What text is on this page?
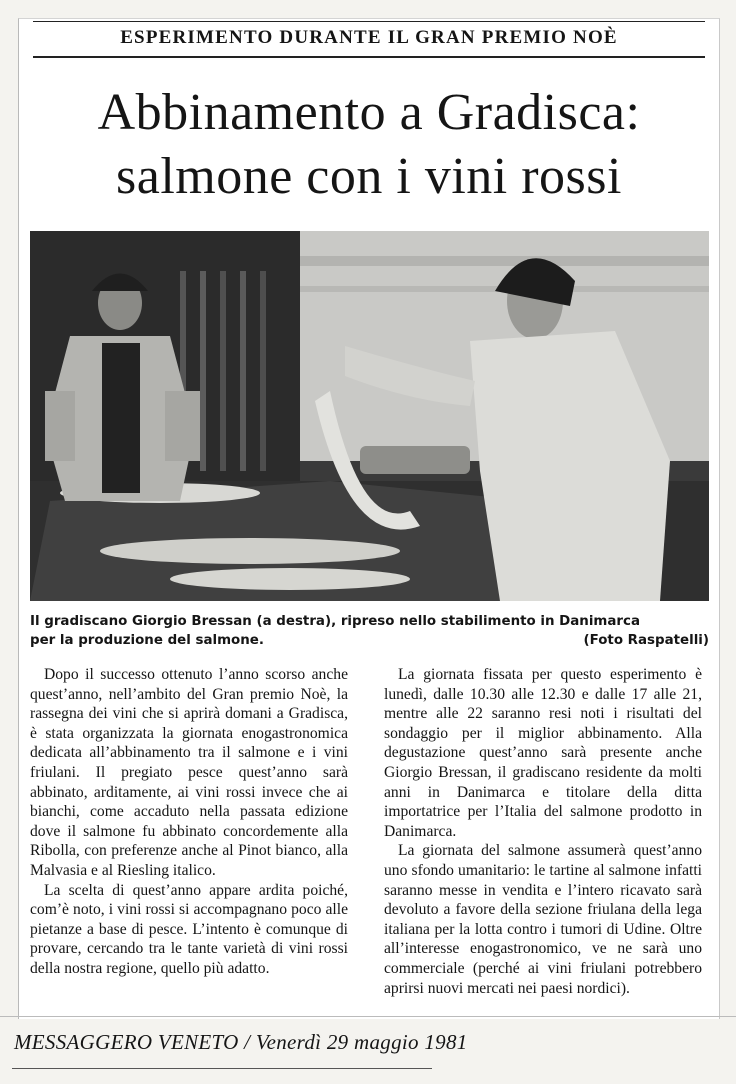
ESPERIMENTO DURANTE IL GRAN PREMIO NOÈ
Abbinamento a Gradisca:
salmone con i vini rossi
Il gradiscano Giorgio Bressan (a destra), ripreso nello stabilimento in Danimarca
per la produzione del salmone.	(Foto Raspatelli)

Dopo il successo ottenuto l’anno scorso anche quest’anno, nell’ambito del Gran premio Noè, la rassegna dei vini che si aprirà domani a Gradisca, è stata organizzata la giornata enogastronomica dedicata all’abbinamento tra il salmone e i vini friulani. Il pregiato pesce quest’anno sarà abbinato, arditamente, ai vini rossi invece che ai bianchi, come accaduto nella passata edizione dove il salmone fu abbinato concordemente alla Ribolla, con preferenze anche al Pinot bianco, alla Malvasia e al Riesling italico.

La scelta di quest’anno appare ardita poiché, com’è noto, i vini rossi si accompagnano poco alle pietanze a base di pesce. L’intento è comunque di provare, cercando tra le tante varietà di vini rossi della nostra regione, quello più adatto.

La giornata fissata per questo esperimento è lunedì, dalle 10.30 alle 12.30 e dalle 17 alle 21, mentre alle 22 saranno resi noti i risultati del sondaggio per il miglior abbinamento. Alla degustazione quest’anno sarà presente anche Giorgio Bressan, il gradiscano residente da molti anni in Danimarca e titolare della ditta importatrice per l’Italia del salmone prodotto in Danimarca.

La giornata del salmone assumerà quest’anno uno sfondo umanitario: le tartine al salmone infatti saranno messe in vendita e l’intero ricavato sarà devoluto a favore della sezione friulana della lega italiana per la lotta contro i tumori di Udine. Oltre all’interesse enogastronomico, ve ne sarà uno commerciale (perché ai vini friulani potrebbero aprirsi nuovi mercati nei paesi nordici).

MESSAGGERO VENETO / Venerdì 29 maggio 1981
